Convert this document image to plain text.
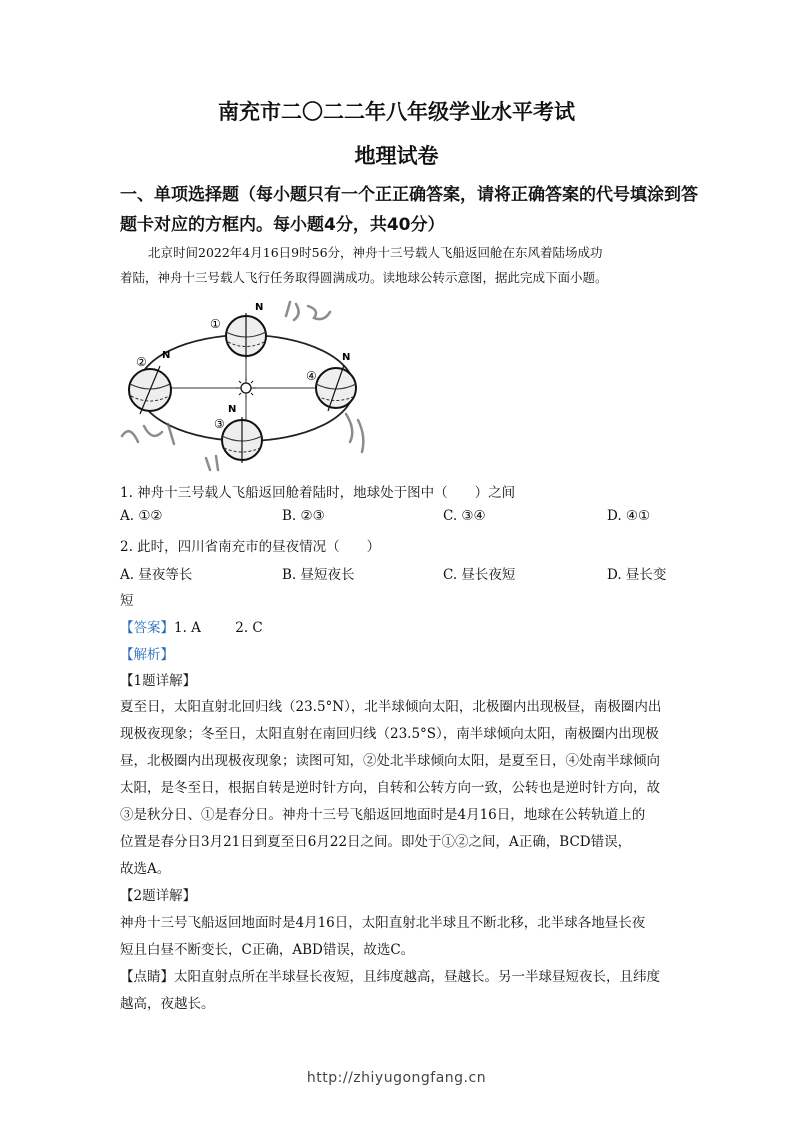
南充市二〇二二年八年级学业水平考试
地理试卷
一、单项选择题（每小题只有一个正正确答案，请将正确答案的代号填涂到答
题卡对应的方框内。每小题4分，共40分）
北京时间2022年4月16日9时56分，神舟十三号载人飞船返回舱在东风着陆场成功
着陆，神舟十三号载人飞行任务取得圆满成功。读地球公转示意图，据此完成下面小题。
N
N
N
N
①
②
③
④
1. 神舟十三号载人飞船返回舱着陆时，地球处于图中（　　）之间
A. ①②	B. ②③	C. ③④	D. ④①
2. 此时，四川省南充市的昼夜情况（　　）
A. 昼夜等长	B. 昼短夜长	C. 昼长夜短	D. 昼长变
短
【答案】1. A        2. C
【解析】
【1题详解】
夏至日，太阳直射北回归线（23.5°N），北半球倾向太阳，北极圈内出现极昼，南极圈内出
现极夜现象；冬至日，太阳直射在南回归线（23.5°S），南半球倾向太阳，南极圈内出现极
昼，北极圈内出现极夜现象；读图可知，②处北半球倾向太阳，是夏至日，④处南半球倾向
太阳，是冬至日，根据自转是逆时针方向，自转和公转方向一致，公转也是逆时针方向，故
③是秋分日、①是春分日。神舟十三号飞船返回地面时是4月16日，地球在公转轨道上的
位置是春分日3月21日到夏至日6月22日之间。即处于①②之间，A正确，BCD错误，
故选A。
【2题详解】
神舟十三号飞船返回地面时是4月16日，太阳直射北半球且不断北移，北半球各地昼长夜
短且白昼不断变长，C正确，ABD错误，故选C。
【点睛】太阳直射点所在半球昼长夜短，且纬度越高，昼越长。另一半球昼短夜长，且纬度
越高，夜越长。
http://zhiyugongfang.cn
